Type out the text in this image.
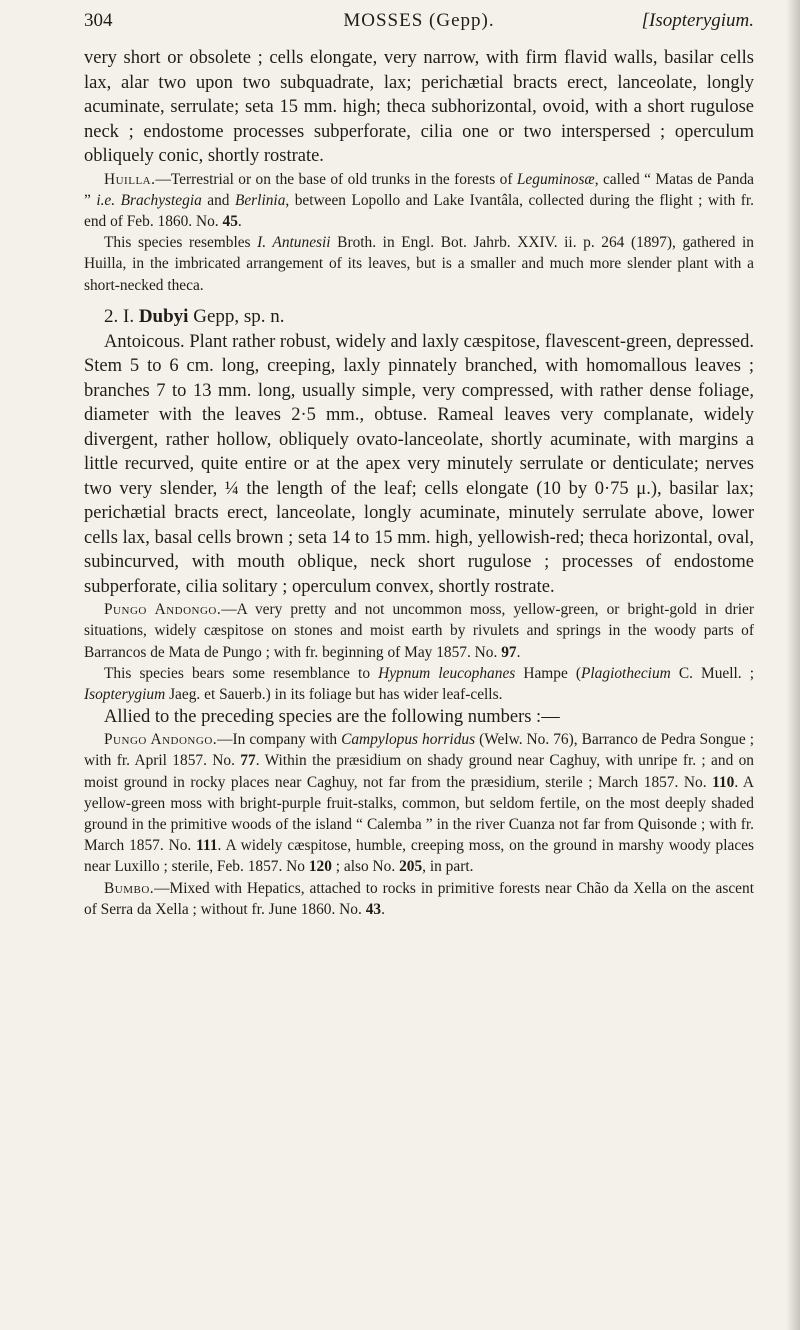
304	MOSSES (Gepp).	[Isopterygium.

very short or obsolete ; cells elongate, very narrow, with firm flavid walls, basilar cells lax, alar two upon two subquadrate, lax; perichætial bracts erect, lanceolate, longly acuminate, serrulate; seta 15 mm. high; theca subhorizontal, ovoid, with a short rugulose neck ; endostome processes subperforate, cilia one or two interspersed ; operculum obliquely conic, shortly rostrate.

Huilla.—Terrestrial or on the base of old trunks in the forests of Leguminosæ, called “ Matas de Panda ” i.e. Brachystegia and Berlinia, between Lopollo and Lake Ivantâla, collected during the flight ; with fr. end of Feb. 1860. No. 45.

This species resembles I. Antunesii Broth. in Engl. Bot. Jahrb. XXIV. ii. p. 264 (1897), gathered in Huilla, in the imbricated arrangement of its leaves, but is a smaller and much more slender plant with a short-necked theca.

2. I. Dubyi Gepp, sp. n.

Antoicous. Plant rather robust, widely and laxly cæspitose, flavescent-green, depressed. Stem 5 to 6 cm. long, creeping, laxly pinnately branched, with homomallous leaves ; branches 7 to 13 mm. long, usually simple, very compressed, with rather dense foliage, diameter with the leaves 2·5 mm., obtuse. Rameal leaves very complanate, widely divergent, rather hollow, obliquely ovato-lanceolate, shortly acuminate, with margins a little recurved, quite entire or at the apex very minutely serrulate or denticulate; nerves two very slender, ¼ the length of the leaf; cells elongate (10 by 0·75 μ.), basilar lax; perichætial bracts erect, lanceolate, longly acuminate, minutely serrulate above, lower cells lax, basal cells brown ; seta 14 to 15 mm. high, yellowish-red; theca horizontal, oval, subincurved, with mouth oblique, neck short rugulose ; processes of endostome subperforate, cilia solitary ; operculum convex, shortly rostrate.

Pungo Andongo.—A very pretty and not uncommon moss, yellow-green, or bright-gold in drier situations, widely cæspitose on stones and moist earth by rivulets and springs in the woody parts of Barrancos de Mata de Pungo ; with fr. beginning of May 1857. No. 97.

This species bears some resemblance to Hypnum leucophanes Hampe (Plagiothecium C. Muell. ; Isopterygium Jaeg. et Sauerb.) in its foliage but has wider leaf-cells.

Allied to the preceding species are the following numbers :—

Pungo Andongo.—In company with Campylopus horridus (Welw. No. 76), Barranco de Pedra Songue ; with fr. April 1857. No. 77. Within the præsidium on shady ground near Caghuy, with unripe fr. ; and on moist ground in rocky places near Caghuy, not far from the præsidium, sterile ; March 1857. No. 110. A yellow-green moss with bright-purple fruit-stalks, common, but seldom fertile, on the most deeply shaded ground in the primitive woods of the island “ Calemba ” in the river Cuanza not far from Quisonde ; with fr. March 1857. No. 111. A widely cæspitose, humble, creeping moss, on the ground in marshy woody places near Luxillo ; sterile, Feb. 1857. No 120 ; also No. 205, in part.

Bumbo.—Mixed with Hepatics, attached to rocks in primitive forests near Chão da Xella on the ascent of Serra da Xella ; without fr. June 1860. No. 43.
